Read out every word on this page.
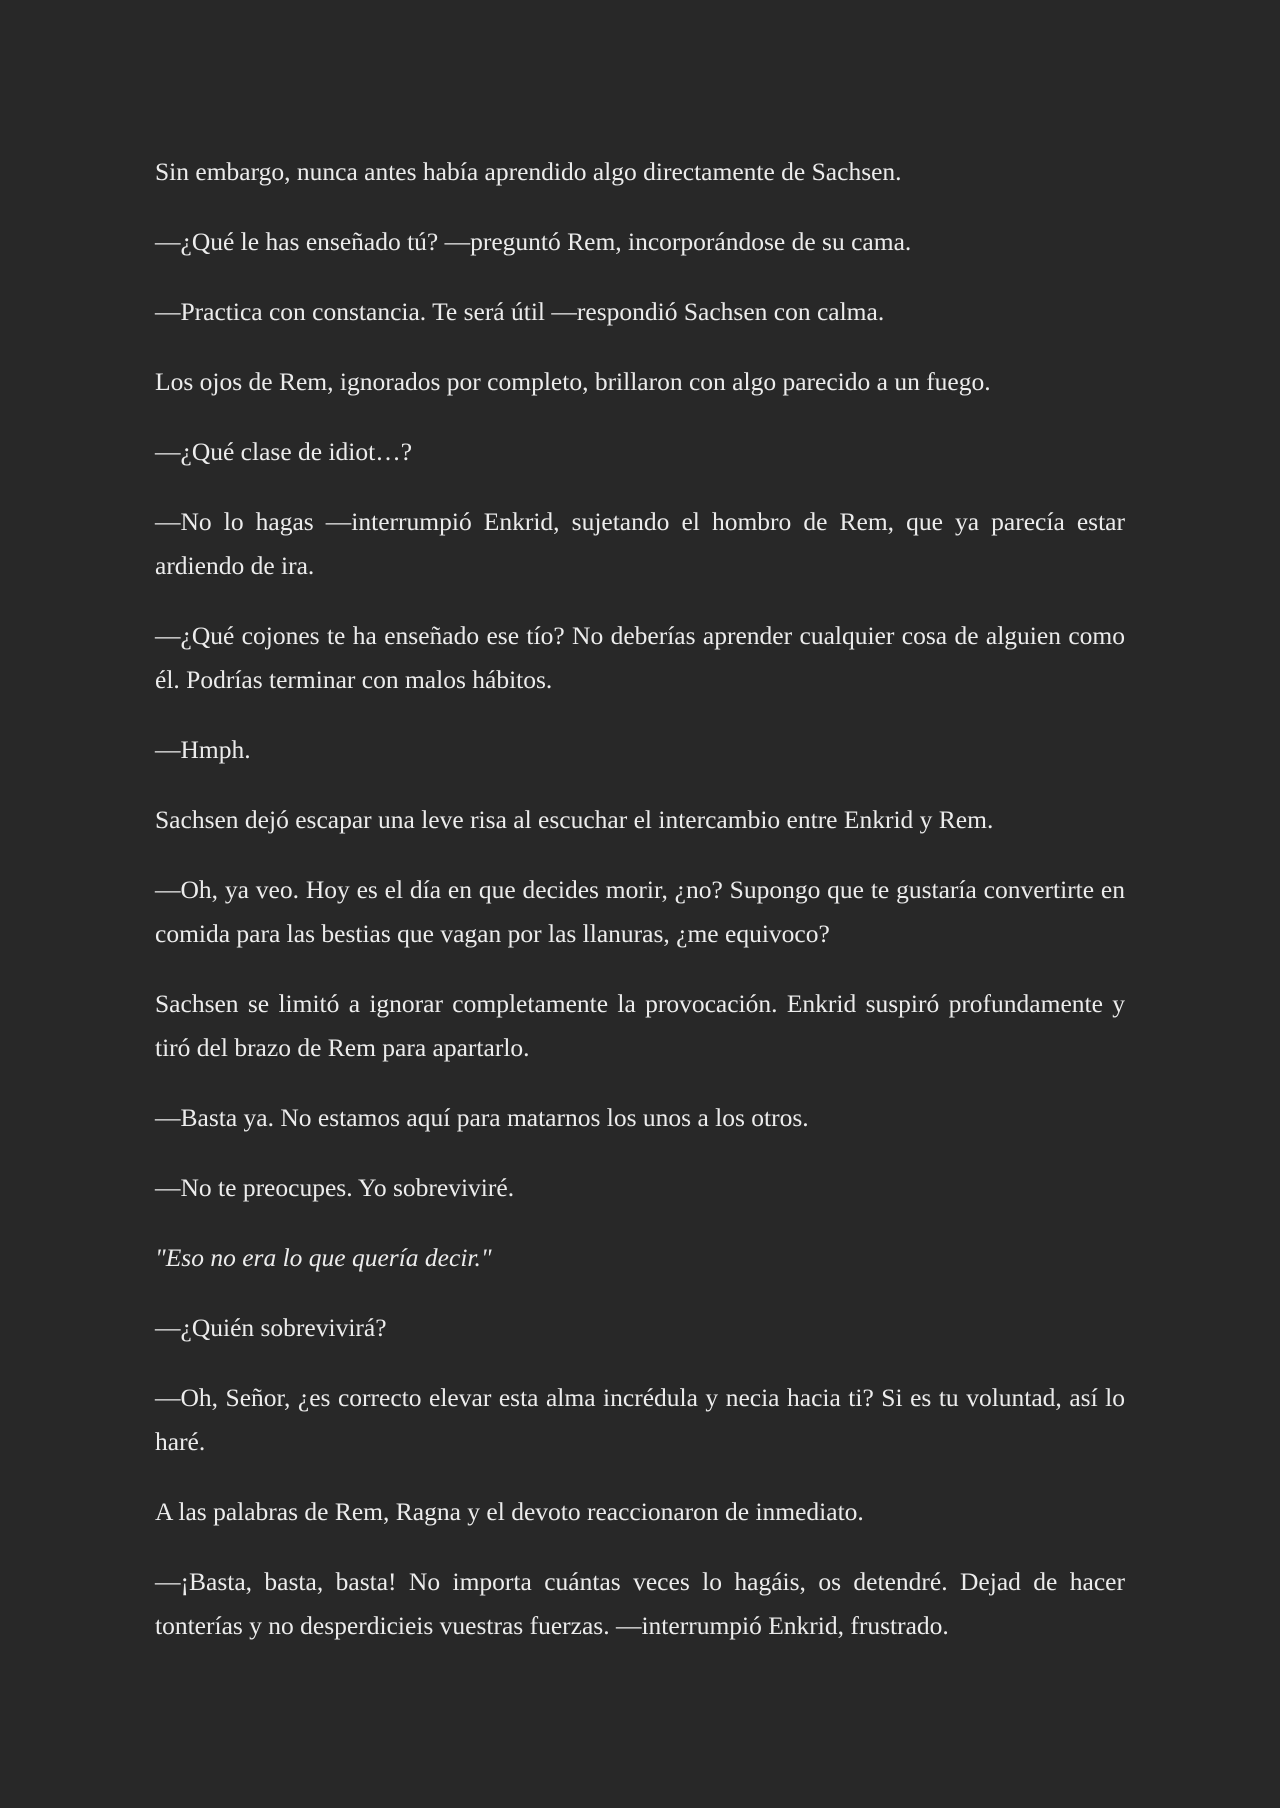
Sin embargo, nunca antes había aprendido algo directamente de Sachsen.

—¿Qué le has enseñado tú? —preguntó Rem, incorporándose de su cama.

—Practica con constancia. Te será útil —respondió Sachsen con calma.

Los ojos de Rem, ignorados por completo, brillaron con algo parecido a un fuego.

—¿Qué clase de idiot…?

—No lo hagas —interrumpió Enkrid, sujetando el hombro de Rem, que ya parecía estar ardiendo de ira.

—¿Qué cojones te ha enseñado ese tío? No deberías aprender cualquier cosa de alguien como él. Podrías terminar con malos hábitos.

—Hmph.

Sachsen dejó escapar una leve risa al escuchar el intercambio entre Enkrid y Rem.

—Oh, ya veo. Hoy es el día en que decides morir, ¿no? Supongo que te gustaría convertirte en comida para las bestias que vagan por las llanuras, ¿me equivoco?

Sachsen se limitó a ignorar completamente la provocación. Enkrid suspiró profundamente y tiró del brazo de Rem para apartarlo.

—Basta ya. No estamos aquí para matarnos los unos a los otros.

—No te preocupes. Yo sobreviviré.

"Eso no era lo que quería decir."

—¿Quién sobrevivirá?

—Oh, Señor, ¿es correcto elevar esta alma incrédula y necia hacia ti? Si es tu voluntad, así lo haré.

A las palabras de Rem, Ragna y el devoto reaccionaron de inmediato.

—¡Basta, basta, basta! No importa cuántas veces lo hagáis, os detendré. Dejad de hacer tonterías y no desperdicieis vuestras fuerzas. —interrumpió Enkrid, frustrado.
